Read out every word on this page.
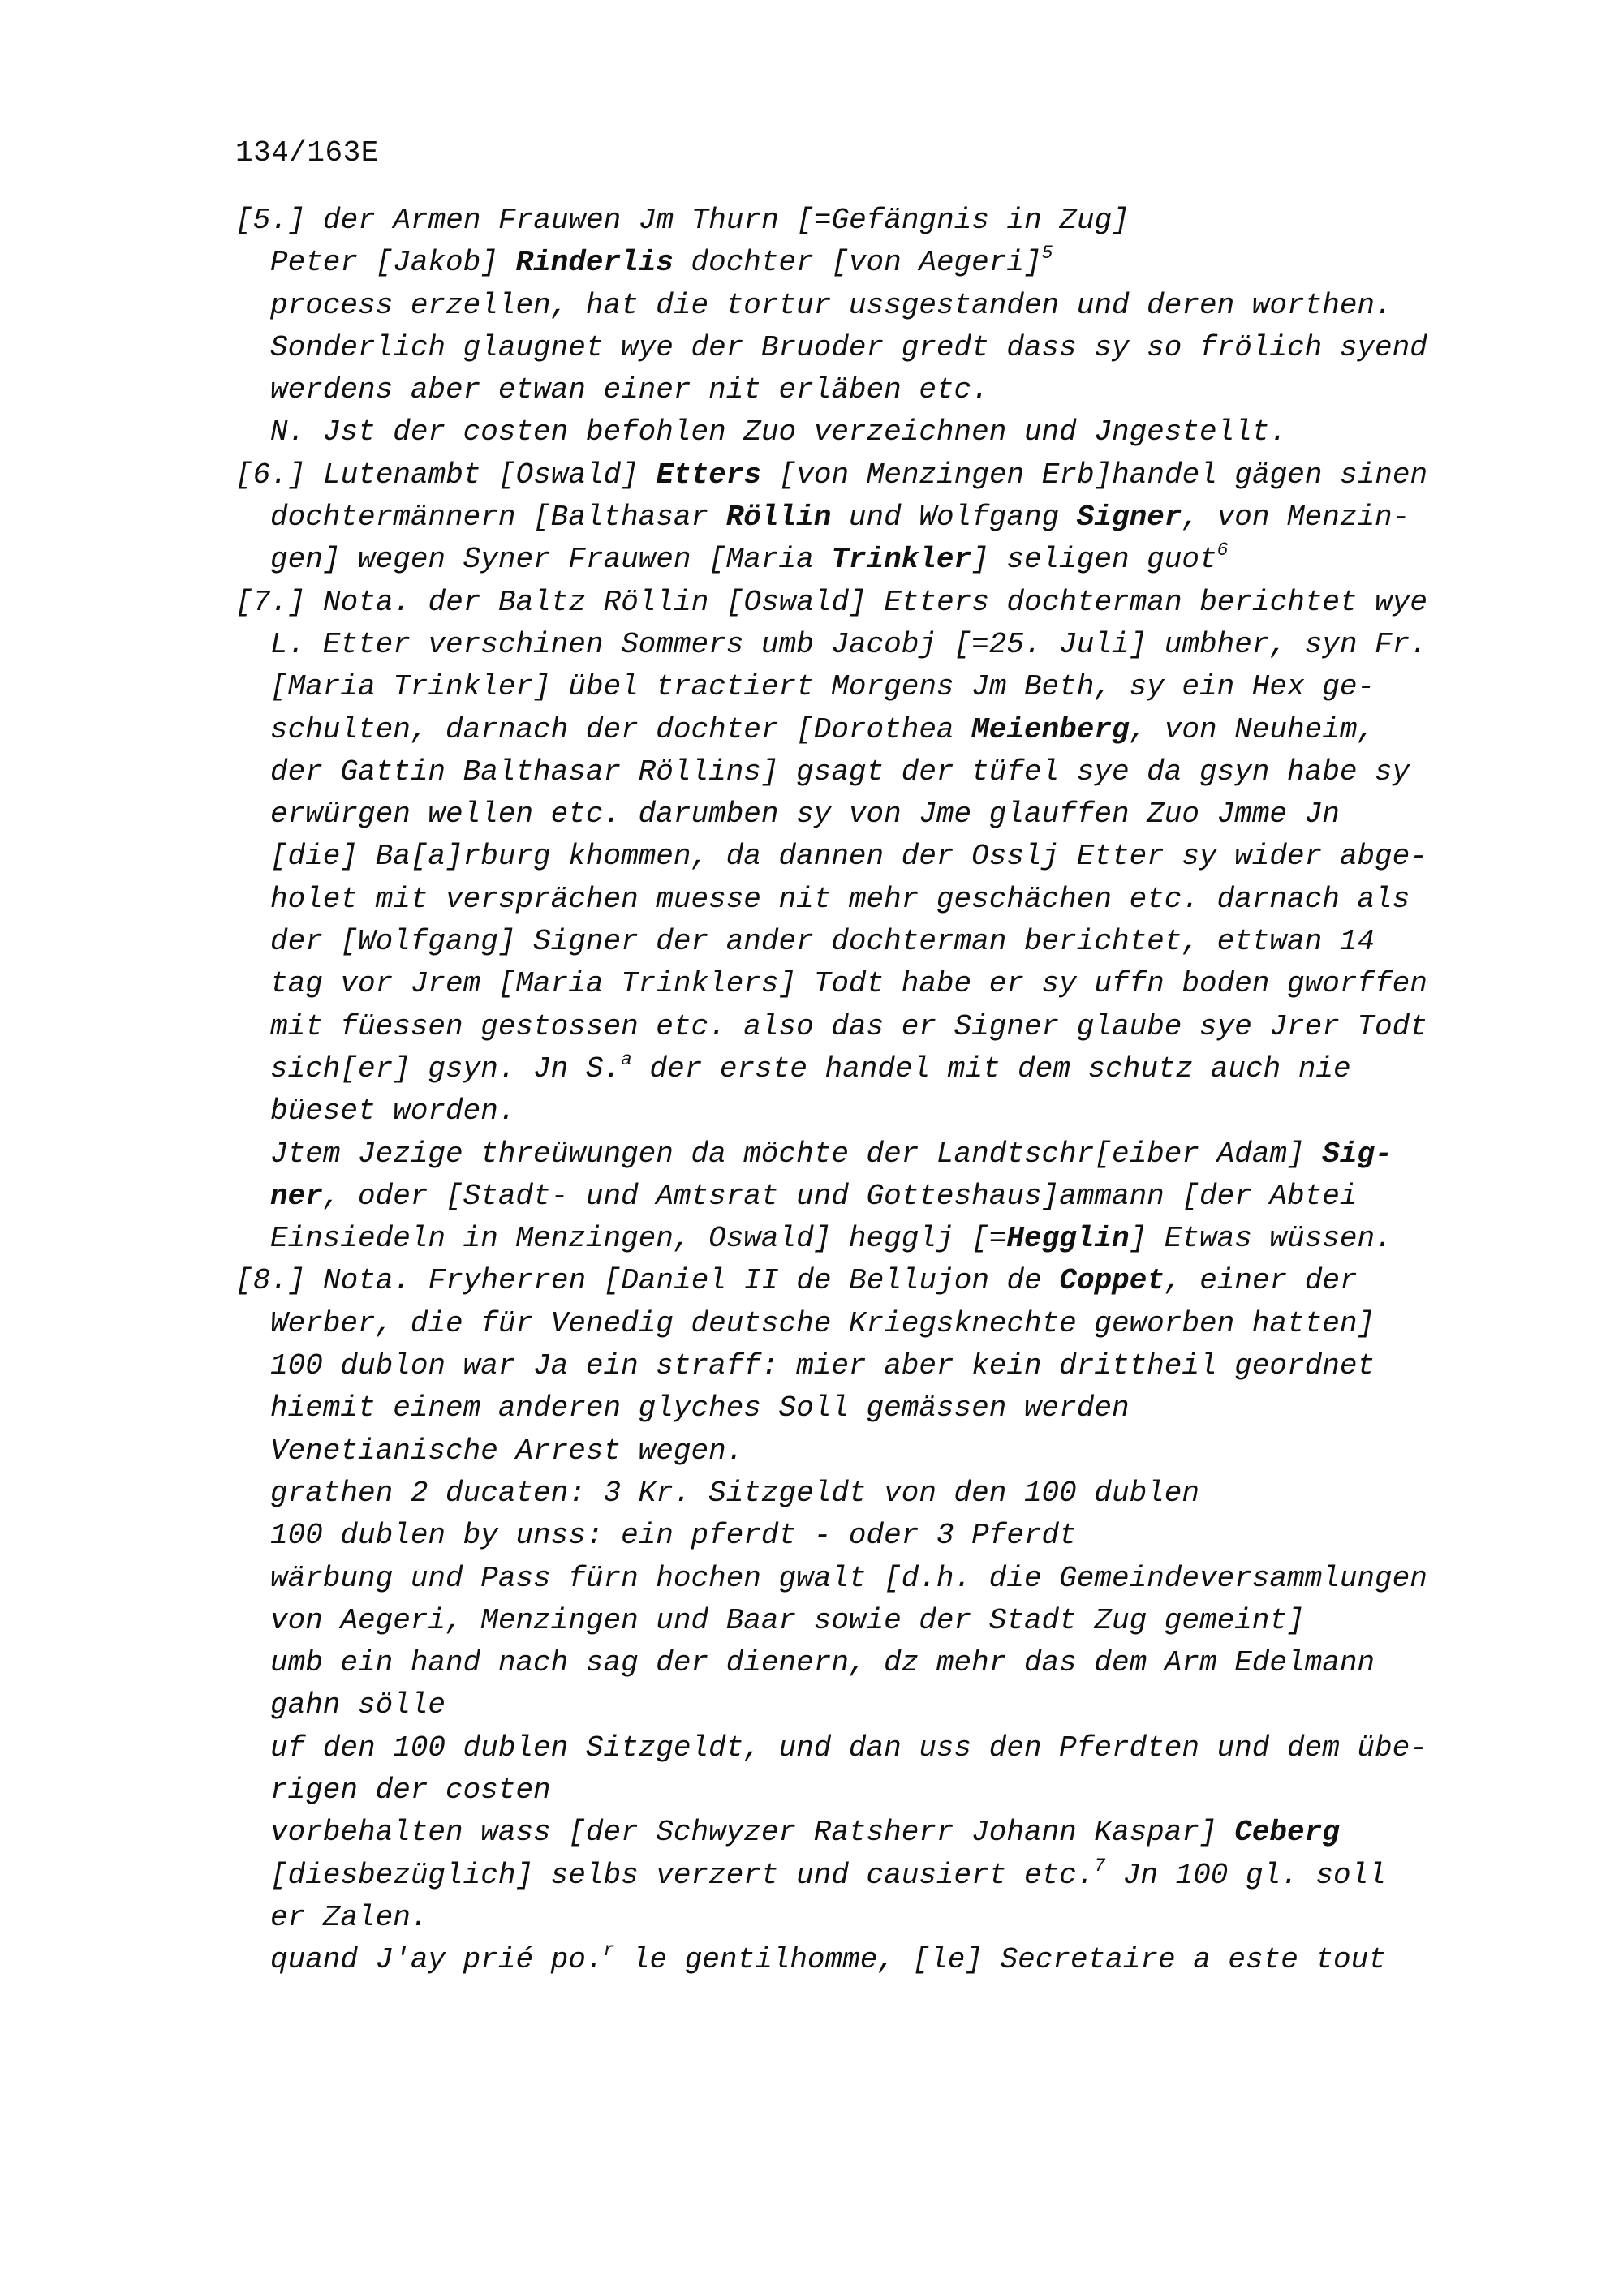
134/163E
[5.] der Armen Frauwen Jm Thurn [=Gefängnis in Zug]
Peter [Jakob] Rinderlis dochter [von Aegeri]$^5$
process erzellen, hat die tortur ussgestanden und deren worthen.
Sonderlich glaugnet wye der Bruoder gredt dass sy so frölich syend
werdens aber etwan einer nit erläben etc.
N. Jst der costen befohlen Zuo verzeichnen und Jngestellt.
[6.] Lutenambt [Oswald] Etters [von Menzingen Erb]handel gägen sinen
dochtermännern [Balthasar Röllin und Wolfgang Signer, von Menzin-
gen] wegen Syner Frauwen [Maria Trinkler] seligen guot$^6$
[7.] Nota. der Baltz Röllin [Oswald] Etters dochterman berichtet wye
L. Etter verschinen Sommers umb Jacobj [=25. Juli] umbher, syn Fr.
[Maria Trinkler] übel tractiert Morgens Jm Beth, sy ein Hex ge-
schulten, darnach der dochter [Dorothea Meienberg, von Neuheim,
der Gattin Balthasar Röllins] gsagt der tüfel sye da gsyn habe sy
erwürgen wellen etc. darumben sy von Jme glauffen Zuo Jmme Jn
[die] Ba[a]rburg khommen, da dannen der Osslj Etter sy wider abge-
holet mit versprächen muesse nit mehr geschächen etc. darnach als
der [Wolfgang] Signer der ander dochterman berichtet, ettwan 14
tag vor Jrem [Maria Trinklers] Todt habe er sy uffn boden gworffen
mit füessen gestossen etc. also das er Signer glaube sye Jrer Todt
sich[er] gsyn. Jn S.$^a$ der erste handel mit dem schutz auch nie
büeset worden.
Jtem Jezige threüwungen da möchte der Landtschr[eiber Adam] Sig-
ner, oder [Stadt- und Amtsrat und Gotteshaus]ammann [der Abtei
Einsiedeln in Menzingen, Oswald] hegglj [=Hegglin] Etwas wüssen.
[8.] Nota. Fryherren [Daniel II de Bellujon de Coppet, einer der
Werber, die für Venedig deutsche Kriegsknechte geworben hatten]
100 dublon war Ja ein straff: mier aber kein drittheil geordnet
hiemit einem anderen glyches Soll gemässen werden
Venetianische Arrest wegen.
grathen 2 ducaten: 3 Kr. Sitzgeldt von den 100 dublen
100 dublen by unss: ein pferdt - oder 3 Pferdt
wärbung und Pass fürn hochen gwalt [d.h. die Gemeindeversammlungen
von Aegeri, Menzingen und Baar sowie der Stadt Zug gemeint]
umb ein hand nach sag der dienern, dz mehr das dem Arm Edelmann
gahn sölle
uf den 100 dublen Sitzgeldt, und dan uss den Pferdten und dem übe-
rigen der costen
vorbehalten wass [der Schwyzer Ratsherr Johann Kaspar] Ceberg
[diesbezüglich] selbs verzert und causiert etc.$^7$ Jn 100 gl. soll
er Zalen.
quand J'ay prié po.$^r$ le gentilhomme, [le] Secretaire a este tout
